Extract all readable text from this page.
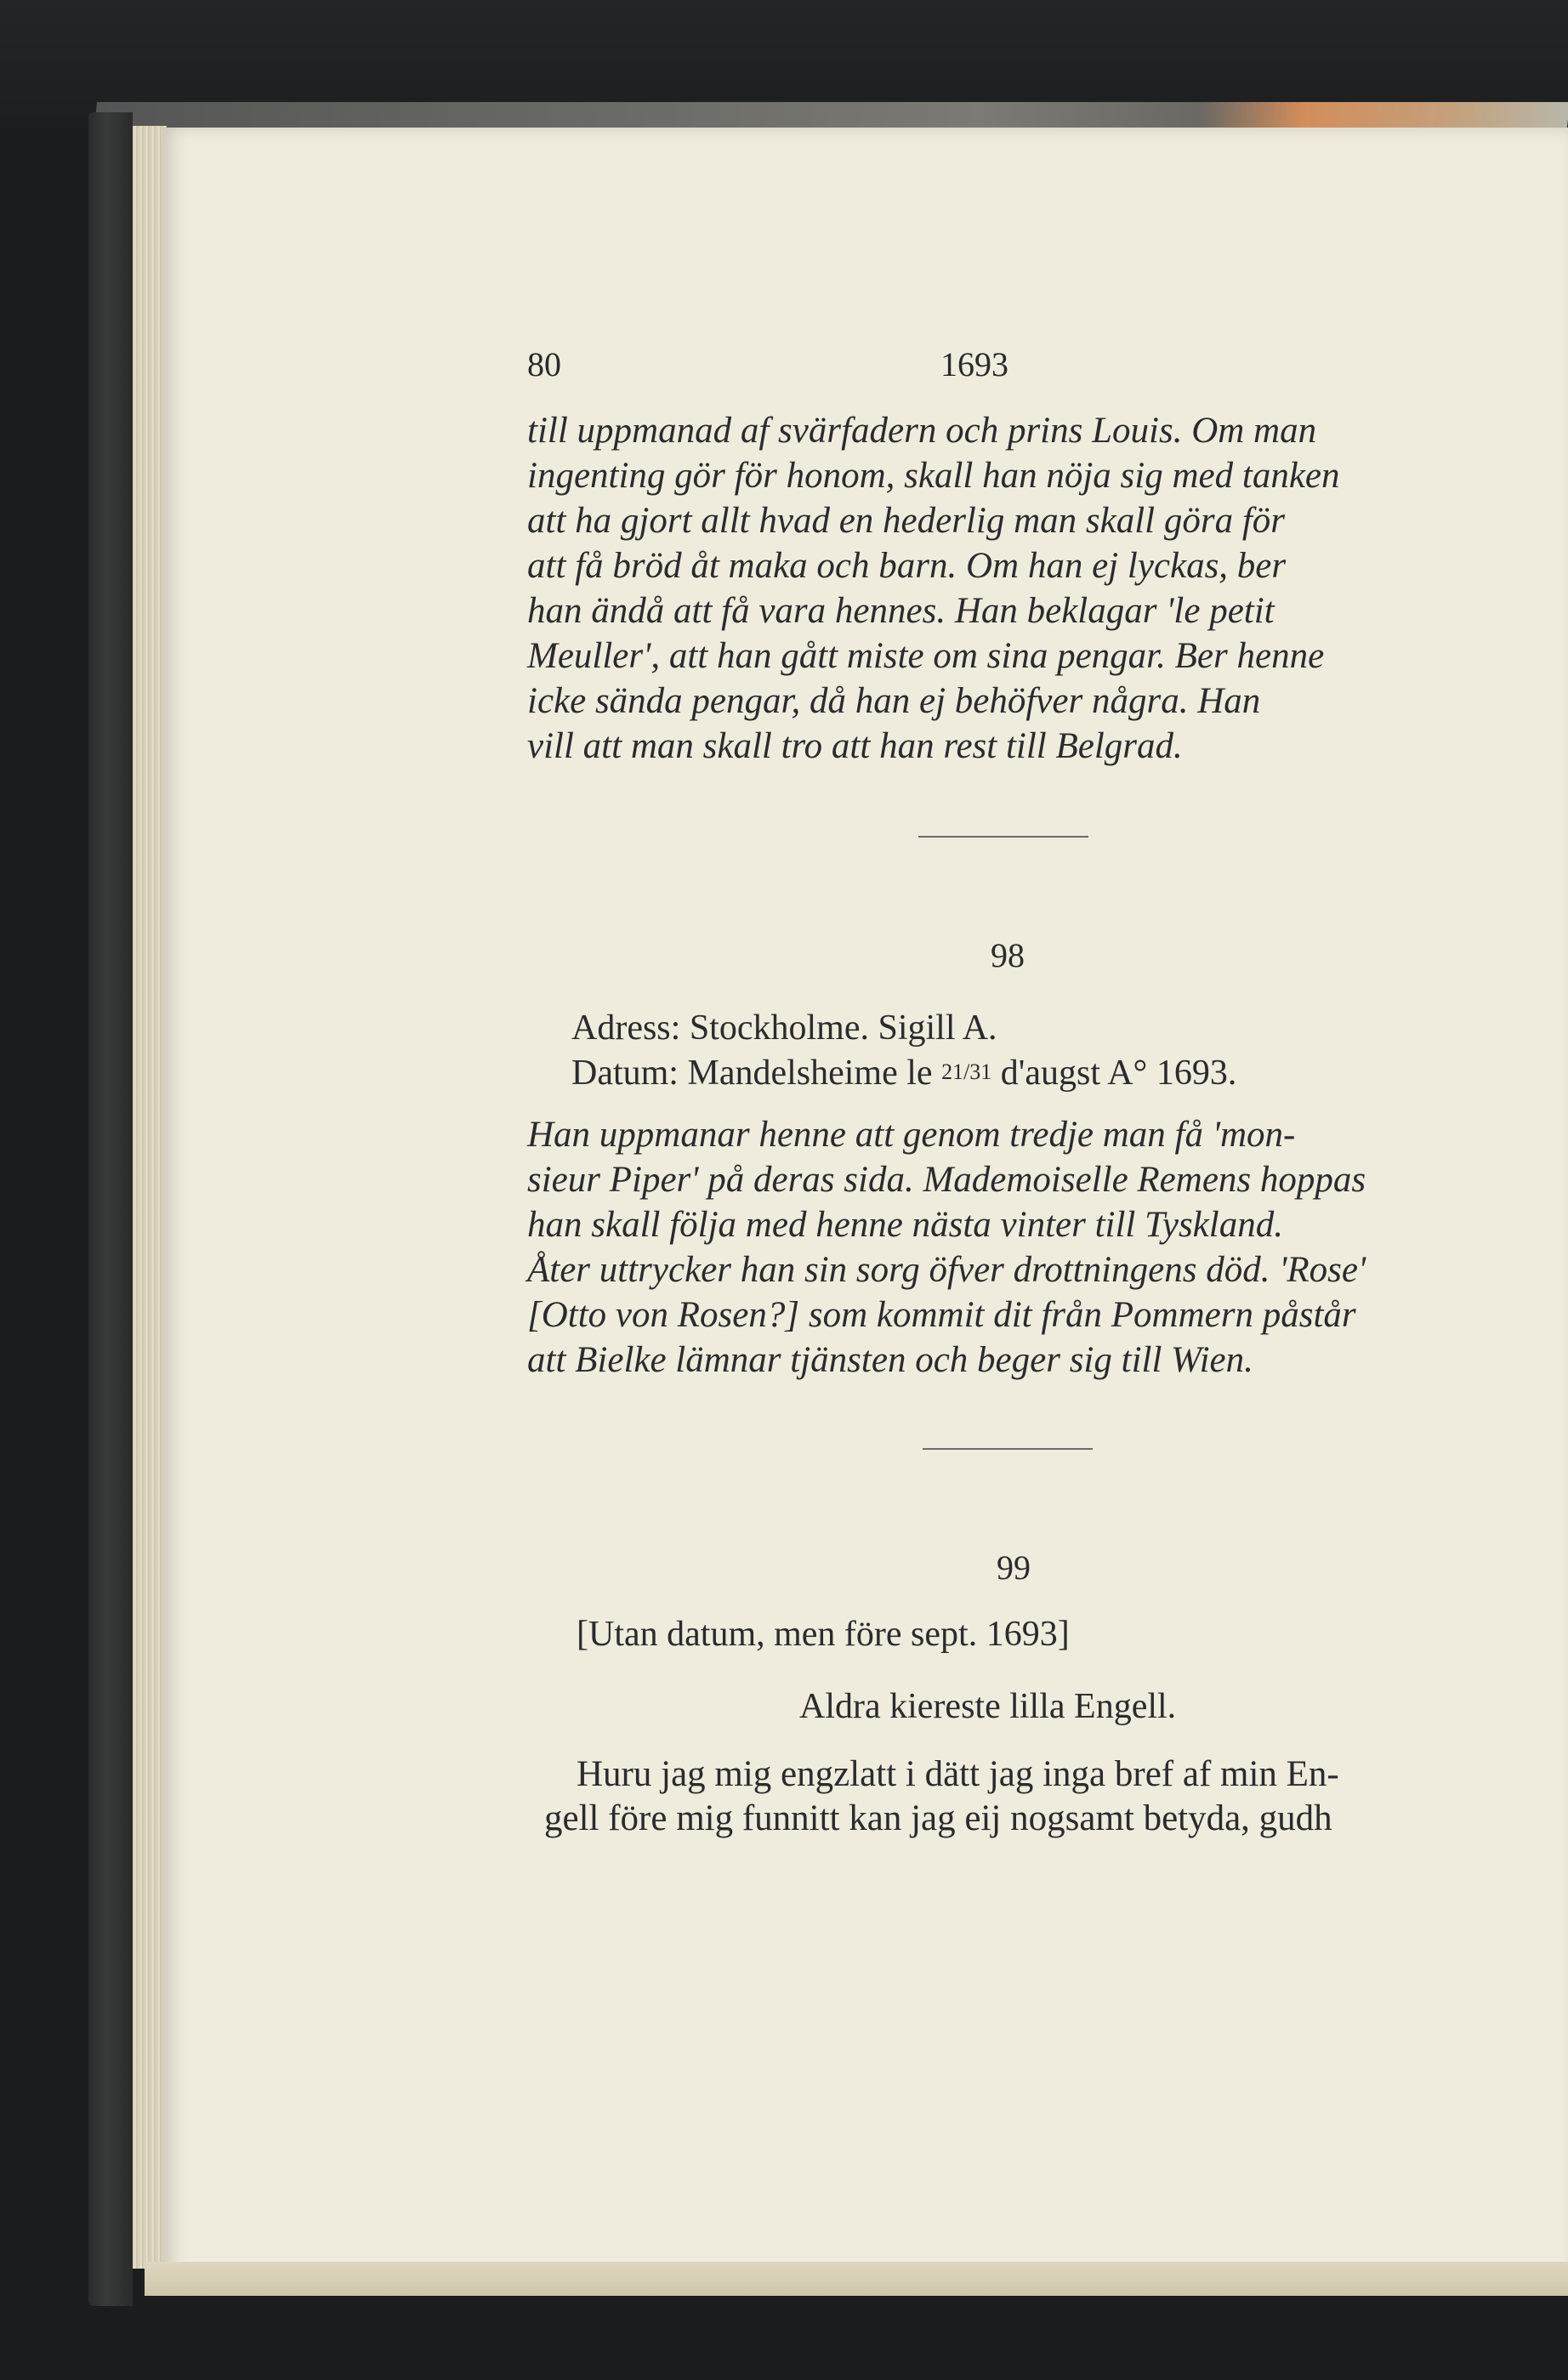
80	1693

till uppmanad af svärfadern och prins Louis. Om man

ingenting gör för honom, skall han nöja sig med tanken

att ha gjort allt hvad en hederlig man skall göra för

att få bröd åt maka och barn. Om han ej lyckas, ber

han ändå att få vara hennes. Han beklagar 'le petit

Meuller', att han gått miste om sina pengar. Ber henne

icke sända pengar, då han ej behöfver några. Han

vill att man skall tro att han rest till Belgrad.

98
Adress: Stockholme. Sigill A.
Datum: Mandelsheime le 21/31 d'augst A° 1693.

Han uppmanar henne att genom tredje man få 'mon-

sieur Piper' på deras sida. Mademoiselle Remens hoppas

han skall följa med henne nästa vinter till Tyskland.

Åter uttrycker han sin sorg öfver drottningens död. 'Rose'

[Otto von Rosen?] som kommit dit från Pommern påstår

att Bielke lämnar tjänsten och beger sig till Wien.

99
[Utan datum, men före sept. 1693]
Aldra kiereste lilla Engell.
Huru jag mig engzlatt i dätt jag inga bref af min En-
gell före mig funnitt kan jag eij nogsamt betyda, gudh
